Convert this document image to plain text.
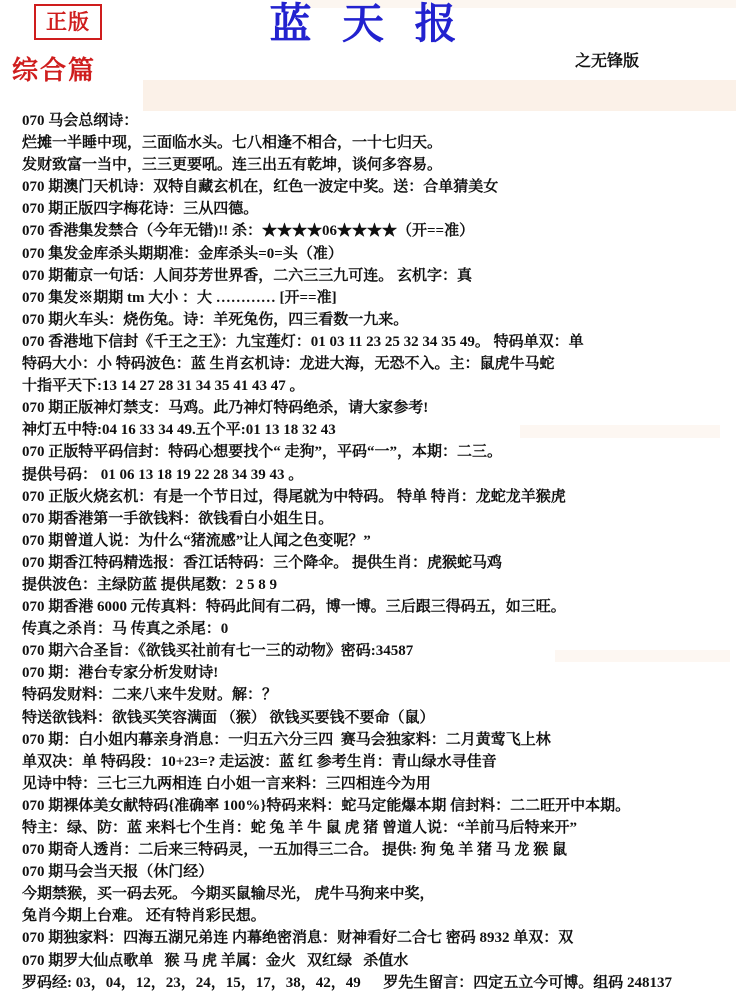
正版	蓝 天 报
之无锋版
综合篇
070 马会总纲诗：
烂摊一半睡中现，三面临水头。七八相逢不相合，一十七归天。
发财致富一当中，三三更要吼。连三出五有乾坤，谈何多容易。
070 期澳门天机诗：双特自藏玄机在，红色一波定中奖。送：合单猜美女
070 期正版四字梅花诗：三从四德。
070 香港集发禁合（今年无错)!! 杀：★★★★06★★★★（开==准）
070 集发金库杀头期期准：金库杀头=0=头（准）
070 期葡京一句话：人间芬芳世界香，二六三三九可连。 玄机字：真
070 集发※期期 tm 大小 ：大 ………… [开==准]
070 期火车头：烧伤兔。诗：羊死兔伤，四三看数一九来。
070 香港地下信封《千王之王》：九宝莲灯：01 03 11 23 25 32 34 35 49。 特码单双：单
特码大小：小 特码波色：蓝 生肖玄机诗：龙进大海，无恐不入。主：鼠虎牛马蛇
十指平天下:13 14 27 28 31 34 35 41 43 47 。
070 期正版神灯禁支：马鸡。此乃神灯特码绝杀，请大家参考!
神灯五中特:04 16 33 34 49.五个平:01 13 18 32 43
070 正版特平码信封：特码心想要找个“ 走狗”，平码“一”，本期：二三。
提供号码： 01 06 13 18 19 22 28 34 39 43 。
070 正版火烧玄机：有是一个节日过，得尾就为中特码。 特单 特肖：龙蛇龙羊猴虎
070 期香港第一手欲钱料：欲钱看白小姐生日。
070 期曾道人说：为什么“猪流感”让人闻之色变呢？”
070 期香江特码精选报：香江话特码：三个降伞。 提供生肖：虎猴蛇马鸡
提供波色：主绿防蓝 提供尾数：2 5 8 9
070 期香港 6000 元传真料：特码此间有二码，博一博。三后跟三得码五，如三旺。
传真之杀肖：马 传真之杀尾：0
070 期六合圣旨：《欲钱买社前有七一三的动物》密码:34587
070 期：港台专家分析发财诗!
特码发财料：二来八来牛发财。解：？
特送欲钱料：欲钱买笑容满面 （猴） 欲钱买要钱不要命（鼠）
070 期：白小姐内幕亲身消息：一归五六分三四  赛马会独家料：二月黄莺飞上林
单双决：单 特码段：10+23=? 走运波：蓝 红 参考生肖：青山绿水寻佳音
见诗中特：三七三九两相连 白小姐一言来料：三四相连今为用
070 期裸体美女献特码{准确率 100%}特码来料：蛇马定能爆本期 信封料：二二旺开中本期。
特主：绿、防：蓝 来料七个生肖：蛇 兔 羊 牛 鼠 虎 猪 曾道人说：“羊前马后特来开”
070 期奇人透肖：二后来三特码灵，一五加得三二合。 提供: 狗 兔 羊 猪 马 龙 猴 鼠
070 期马会当天报（休门经）
今期禁猴，买一码去死。 今期买鼠输尽光， 虎牛马狗来中奖，
兔肖今期上台难。 还有特肖彩民想。
070 期独家料：四海五湖兄弟连 内幕绝密消息：财神看好二合七 密码 8932 单双：双
070 期罗大仙点歌单   猴 马 虎 羊属：金火   双红绿   杀值水
罗码经: 03，04，12，23，24，15，17，38，42，49      罗先生留言：四定五立今可博。组码 248137
